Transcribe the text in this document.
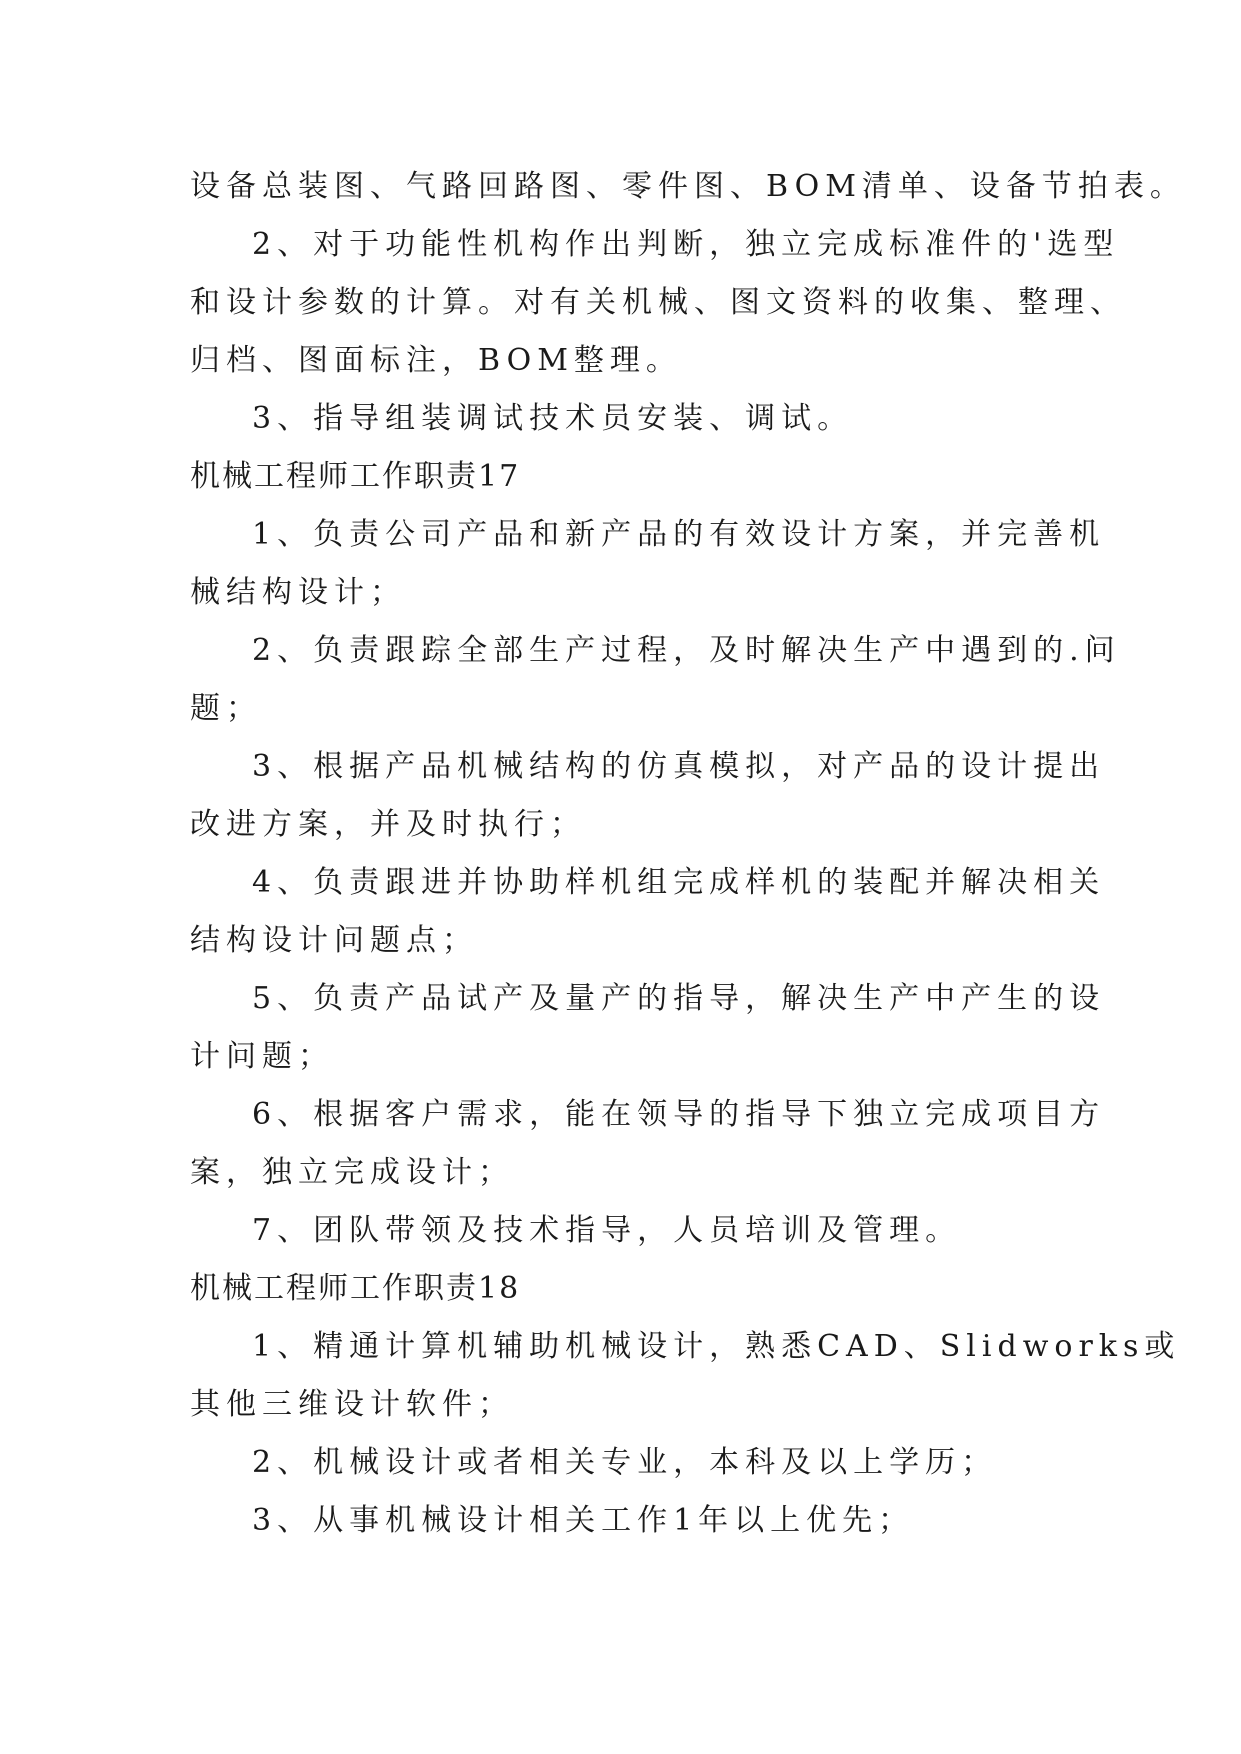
设备总装图、气路回路图、零件图、BOM清单、设备节拍表。
2、对于功能性机构作出判断，独立完成标准件的'选型
和设计参数的计算。对有关机械、图文资料的收集、整理、
归档、图面标注，BOM整理。
3、指导组装调试技术员安装、调试。
机械工程师工作职责17
1、负责公司产品和新产品的有效设计方案，并完善机
械结构设计；
2、负责跟踪全部生产过程，及时解决生产中遇到的.问
题；
3、根据产品机械结构的仿真模拟，对产品的设计提出
改进方案，并及时执行；
4、负责跟进并协助样机组完成样机的装配并解决相关
结构设计问题点；
5、负责产品试产及量产的指导，解决生产中产生的设
计问题；
6、根据客户需求，能在领导的指导下独立完成项目方
案，独立完成设计；
7、团队带领及技术指导，人员培训及管理。
机械工程师工作职责18
1、精通计算机辅助机械设计，熟悉CAD、Slidworks或
其他三维设计软件；
2、机械设计或者相关专业，本科及以上学历；
3、从事机械设计相关工作1年以上优先；
